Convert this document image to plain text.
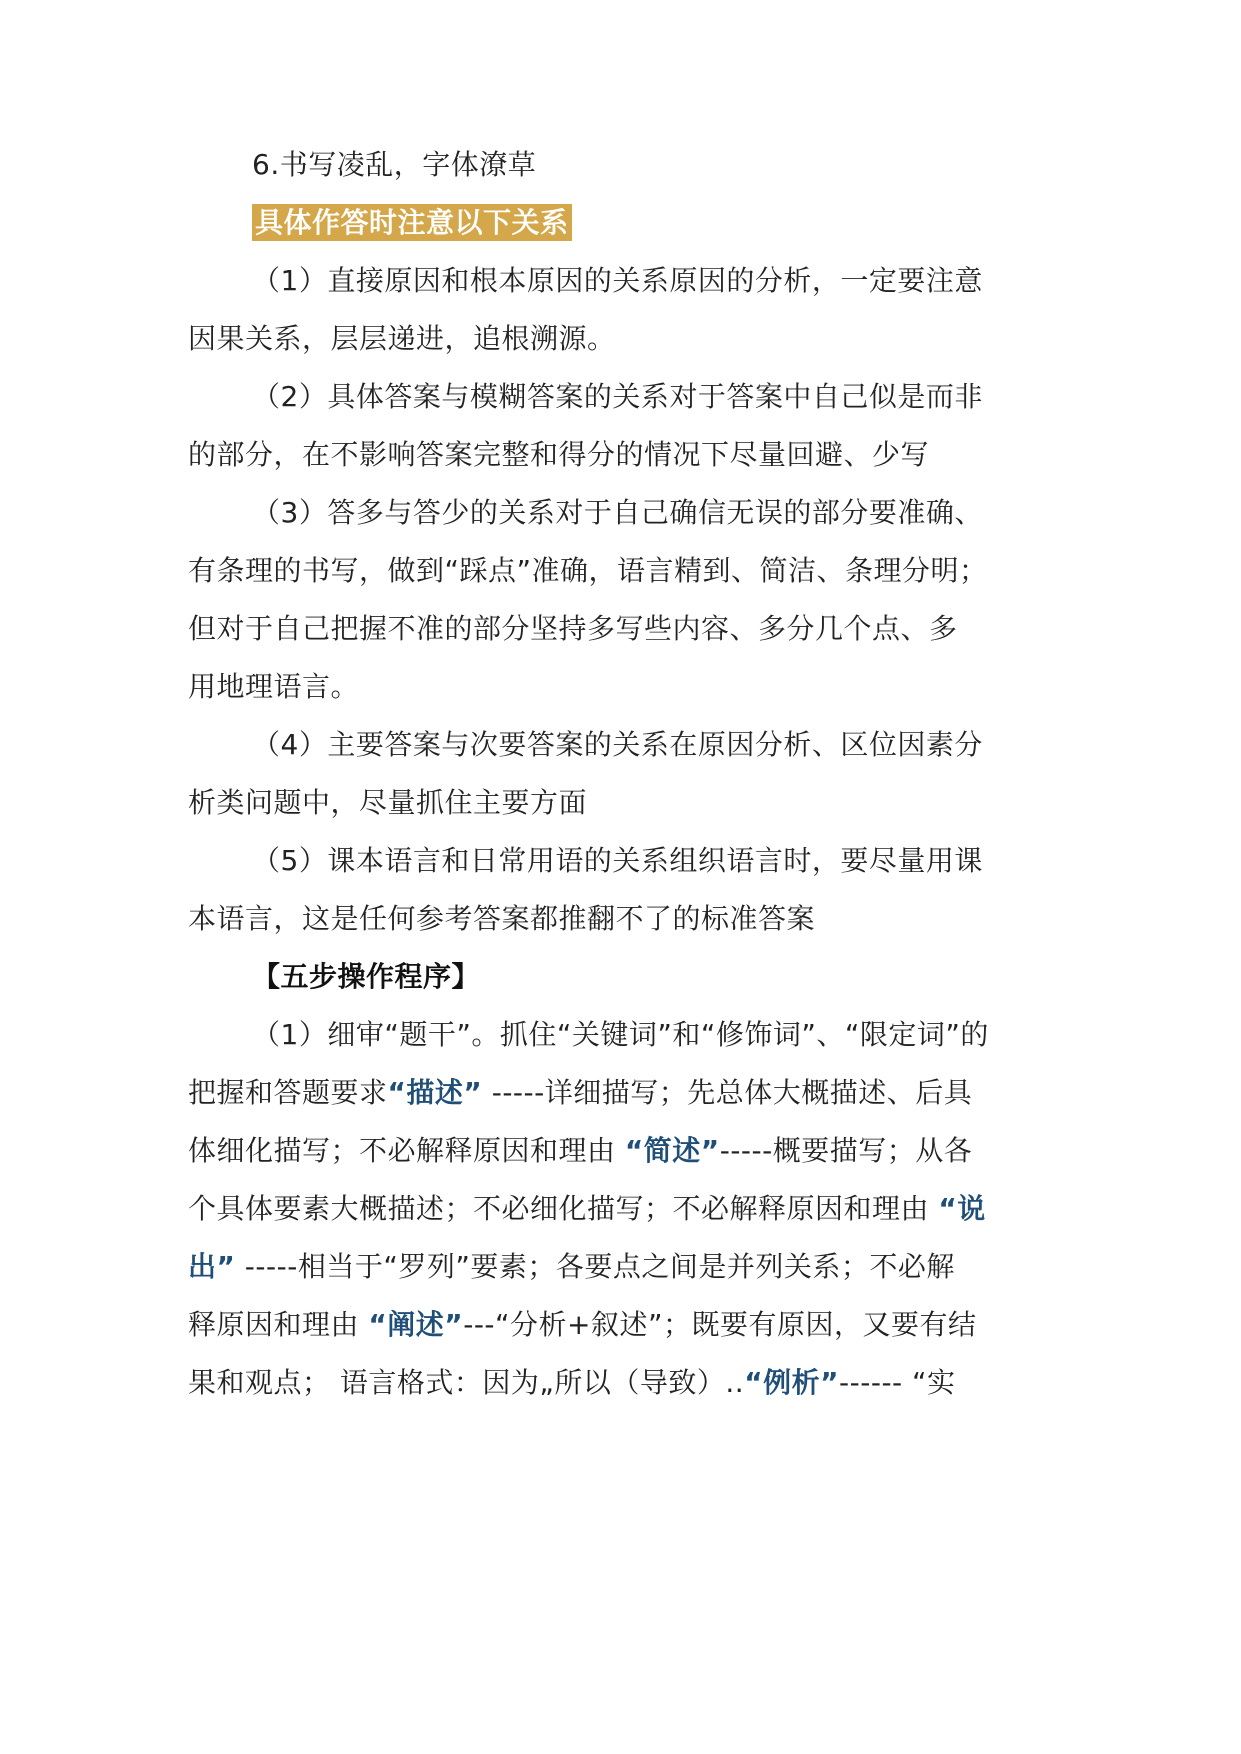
6.书写凌乱，字体潦草
具体作答时注意以下关系
（1）直接原因和根本原因的关系原因的分析，一定要注意
因果关系，层层递进，追根溯源。
（2）具体答案与模糊答案的关系对于答案中自己似是而非
的部分，在不影响答案完整和得分的情况下尽量回避、少写
（3）答多与答少的关系对于自己确信无误的部分要准确、
有条理的书写，做到“踩点”准确，语言精到、简洁、条理分明；
但对于自己把握不准的部分坚持多写些内容、多分几个点、多
用地理语言。
（4）主要答案与次要答案的关系在原因分析、区位因素分
析类问题中，尽量抓住主要方面
（5）课本语言和日常用语的关系组织语言时，要尽量用课
本语言，这是任何参考答案都推翻不了的标准答案
【五步操作程序】
（1）细审“题干”。抓住“关键词”和“修饰词”、“限定词”的
把握和答题要求“描述” -----详细描写；先总体大概描述、后具
体细化描写；不必解释原因和理由 “简述”-----概要描写；从各
个具体要素大概描述；不必细化描写；不必解释原因和理由 “说
出” -----相当于“罗列”要素；各要点之间是并列关系；不必解
释原因和理由 “阐述”---“分析+叙述”；既要有原因，又要有结
果和观点； 语言格式：因为„所以（导致）..“例析”------ “实
